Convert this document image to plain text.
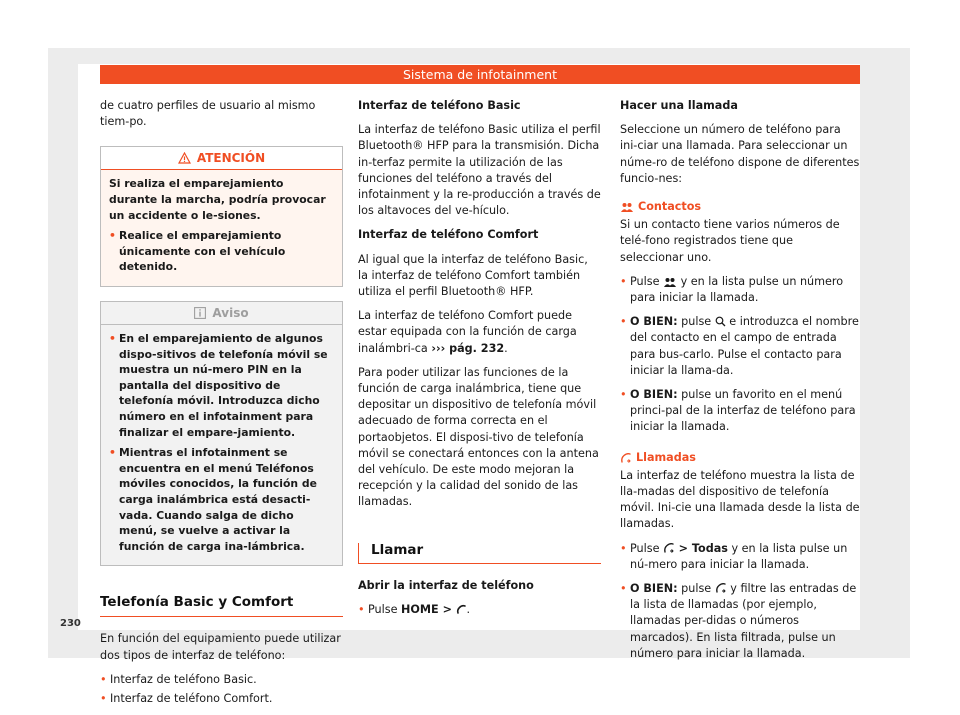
Sistema de infotainment

de cuatro perfiles de usuario al mismo tiem-po.

ATENCIÓN

Si realiza el emparejamiento durante la marcha, podría provocar un accidente o le-siones.

• Realice el emparejamiento únicamente con el vehículo detenido.

Aviso

• En el emparejamiento de algunos dispo-sitivos de telefonía móvil se muestra un nú-mero PIN en la pantalla del dispositivo de telefonía móvil. Introduzca dicho número en el infotainment para finalizar el empare-jamiento.

• Mientras el infotainment se encuentra en el menú Teléfonos móviles conocidos, la función de carga inalámbrica está desacti-vada. Cuando salga de dicho menú, se vuelve a activar la función de carga ina-lámbrica.

Telefonía Basic y Comfort

En función del equipamiento puede utilizar dos tipos de interfaz de teléfono:

• Interfaz de teléfono Basic.

• Interfaz de teléfono Comfort.

Interfaz de teléfono Basic

La interfaz de teléfono Basic utiliza el perfil Bluetooth® HFP para la transmisión. Dicha in-terfaz permite la utilización de las funciones del teléfono a través del infotainment y la re-producción a través de los altavoces del ve-hículo.

Interfaz de teléfono Comfort

Al igual que la interfaz de teléfono Basic, la interfaz de teléfono Comfort también utiliza el perfil Bluetooth® HFP.

La interfaz de teléfono Comfort puede estar equipada con la función de carga inalámbri-ca ››› pág. 232.

Para poder utilizar las funciones de la función de carga inalámbrica, tiene que depositar un dispositivo de telefonía móvil adecuado de forma correcta en el portaobjetos. El disposi-tivo de telefonía móvil se conectará entonces con la antena del vehículo. De este modo mejoran la recepción y la calidad del sonido de las llamadas.

Llamar

Abrir la interfaz de teléfono

• Pulse HOME > .

Hacer una llamada

Seleccione un número de teléfono para ini-ciar una llamada. Para seleccionar un núme-ro de teléfono dispone de diferentes funcio-nes:

Contactos

Si un contacto tiene varios números de telé-fono registrados tiene que seleccionar uno.

• Pulse y en la lista pulse un número para iniciar la llamada.

• O BIEN: pulse e introduzca el nombre del contacto en el campo de entrada para bus-carlo. Pulse el contacto para iniciar la llama-da.

• O BIEN: pulse un favorito en el menú princi-pal de la interfaz de teléfono para iniciar la llamada.

Llamadas

La interfaz de teléfono muestra la lista de lla-madas del dispositivo de telefonía móvil. Ini-cie una llamada desde la lista de llamadas.

• Pulse > Todas y en la lista pulse un nú-mero para iniciar la llamada.

• O BIEN: pulse y filtre las entradas de la lista de llamadas (por ejemplo, llamadas per-didas o números marcados). En lista filtrada, pulse un número para iniciar la llamada.

230
